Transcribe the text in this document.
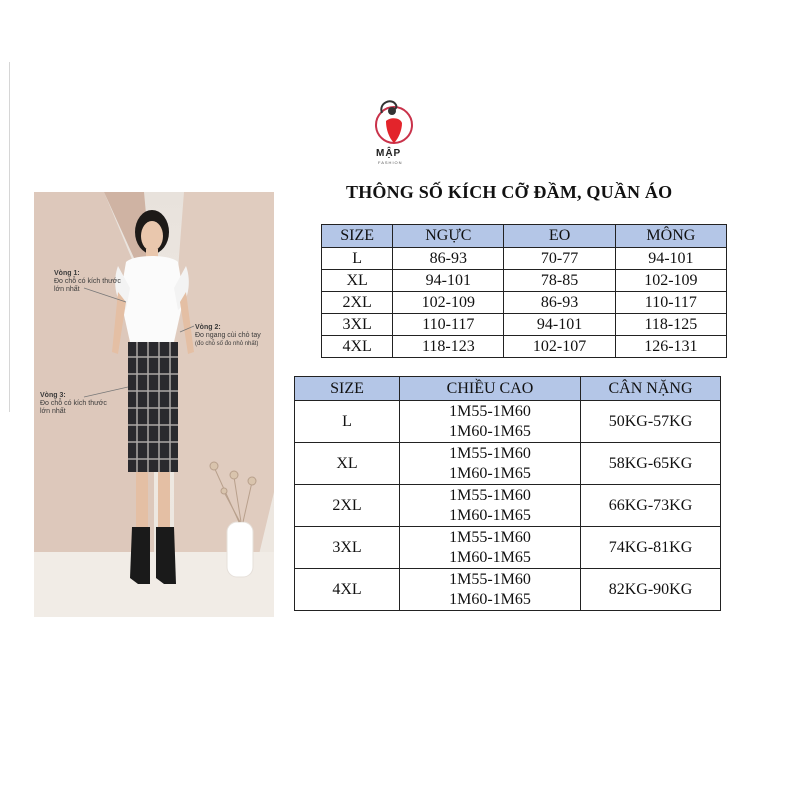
MẬP
FASHION
THÔNG SỐ KÍCH CỠ ĐẦM, QUẦN ÁO
Vòng 1:
Đo chỗ có kích thước
lớn nhất
Vòng 2:
Đo ngang cùi chỏ tay
(đo chỗ số đo nhỏ nhất)
Vòng 3:
Đo chỗ có kích thước
lớn nhất
SIZE	NGỰC	EO	MÔNG
L	86-93	70-77	94-101
XL	94-101	78-85	102-109
2XL	102-109	86-93	110-117
3XL	110-117	94-101	118-125
4XL	118-123	102-107	126-131
SIZE	CHIỀU CAO	CÂN NẶNG
L	1M55-1M60
1M60-1M65	50KG-57KG
XL	1M55-1M60
1M60-1M65	58KG-65KG
2XL	1M55-1M60
1M60-1M65	66KG-73KG
3XL	1M55-1M60
1M60-1M65	74KG-81KG
4XL	1M55-1M60
1M60-1M65	82KG-90KG
